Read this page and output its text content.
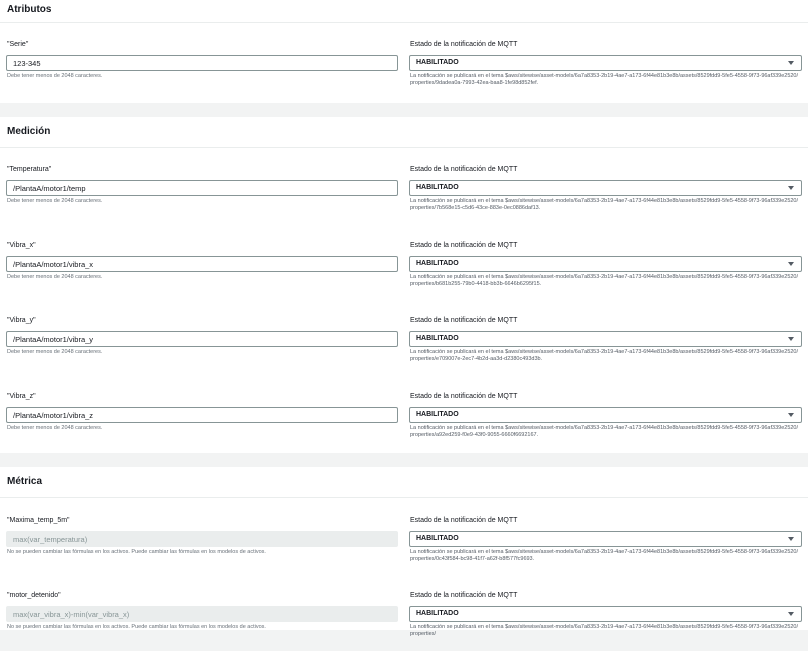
Atributos
"Serie"
123-345
Debe tener menos de 2048 caracteres.
Estado de la notificación de MQTT
HABILITADO
La notificación se publicará en el tema $aws/sitewise/asset-models/6a7a8353-2b19-4ae7-a173-6f44e81b3e8b/assets/8529fdd9-5fe5-4558-9f73-96af339e2520/properties/9dadea0a-7993-42ea-baa8-1fe98d852fef.
Medición
"Temperatura"
/PlantaA/motor1/temp
Debe tener menos de 2048 caracteres.
Estado de la notificación de MQTT
HABILITADO
La notificación se publicará en el tema $aws/sitewise/asset-models/6a7a8353-2b19-4ae7-a173-6f44e81b3e8b/assets/8529fdd9-5fe5-4558-9f73-96af339e2520/properties/7b568e15-c5d6-43ce-883e-0ec0886daf13.
"Vibra_x"
/PlantaA/motor1/vibra_x
Debe tener menos de 2048 caracteres.
Estado de la notificación de MQTT
HABILITADO
La notificación se publicará en el tema $aws/sitewise/asset-models/6a7a8353-2b19-4ae7-a173-6f44e81b3e8b/assets/8529fdd9-5fe5-4558-9f73-96af339e2520/properties/b681b255-79b0-4418-bb3b-6646b6295f15.
"Vibra_y"
/PlantaA/motor1/vibra_y
Debe tener menos de 2048 caracteres.
Estado de la notificación de MQTT
HABILITADO
La notificación se publicará en el tema $aws/sitewise/asset-models/6a7a8353-2b19-4ae7-a173-6f44e81b3e8b/assets/8529fdd9-5fe5-4558-9f73-96af339e2520/properties/e709007e-2ec7-4b2d-aa3d-d2380c493d3b.
"Vibra_z"
/PlantaA/motor1/vibra_z
Debe tener menos de 2048 caracteres.
Estado de la notificación de MQTT
HABILITADO
La notificación se publicará en el tema $aws/sitewise/asset-models/6a7a8353-2b19-4ae7-a173-6f44e81b3e8b/assets/8529fdd9-5fe5-4558-9f73-96af339e2520/properties/a92ed259-f0e9-43f0-9055-6660f6692167.
Métrica
"Maxima_temp_5m"
max(var_temperatura)
No se pueden cambiar las fórmulas en los activos. Puede cambiar las fórmulas en los modelos de activos.
Estado de la notificación de MQTT
HABILITADO
La notificación se publicará en el tema $aws/sitewise/asset-models/6a7a8353-2b19-4ae7-a173-6f44e81b3e8b/assets/8529fdd9-5fe5-4558-9f73-96af339e2520/properties/0c43f584-bc98-41f7-a62f-b8f577fc9693.
"motor_detenido"
max(var_vibra_x)-min(var_vibra_x)
No se pueden cambiar las fórmulas en los activos. Puede cambiar las fórmulas en los modelos de activos.
Estado de la notificación de MQTT
HABILITADO
La notificación se publicará en el tema $aws/sitewise/asset-models/6a7a8353-2b19-4ae7-a173-6f44e81b3e8b/assets/8529fdd9-5fe5-4558-9f73-96af339e2520/properties/
